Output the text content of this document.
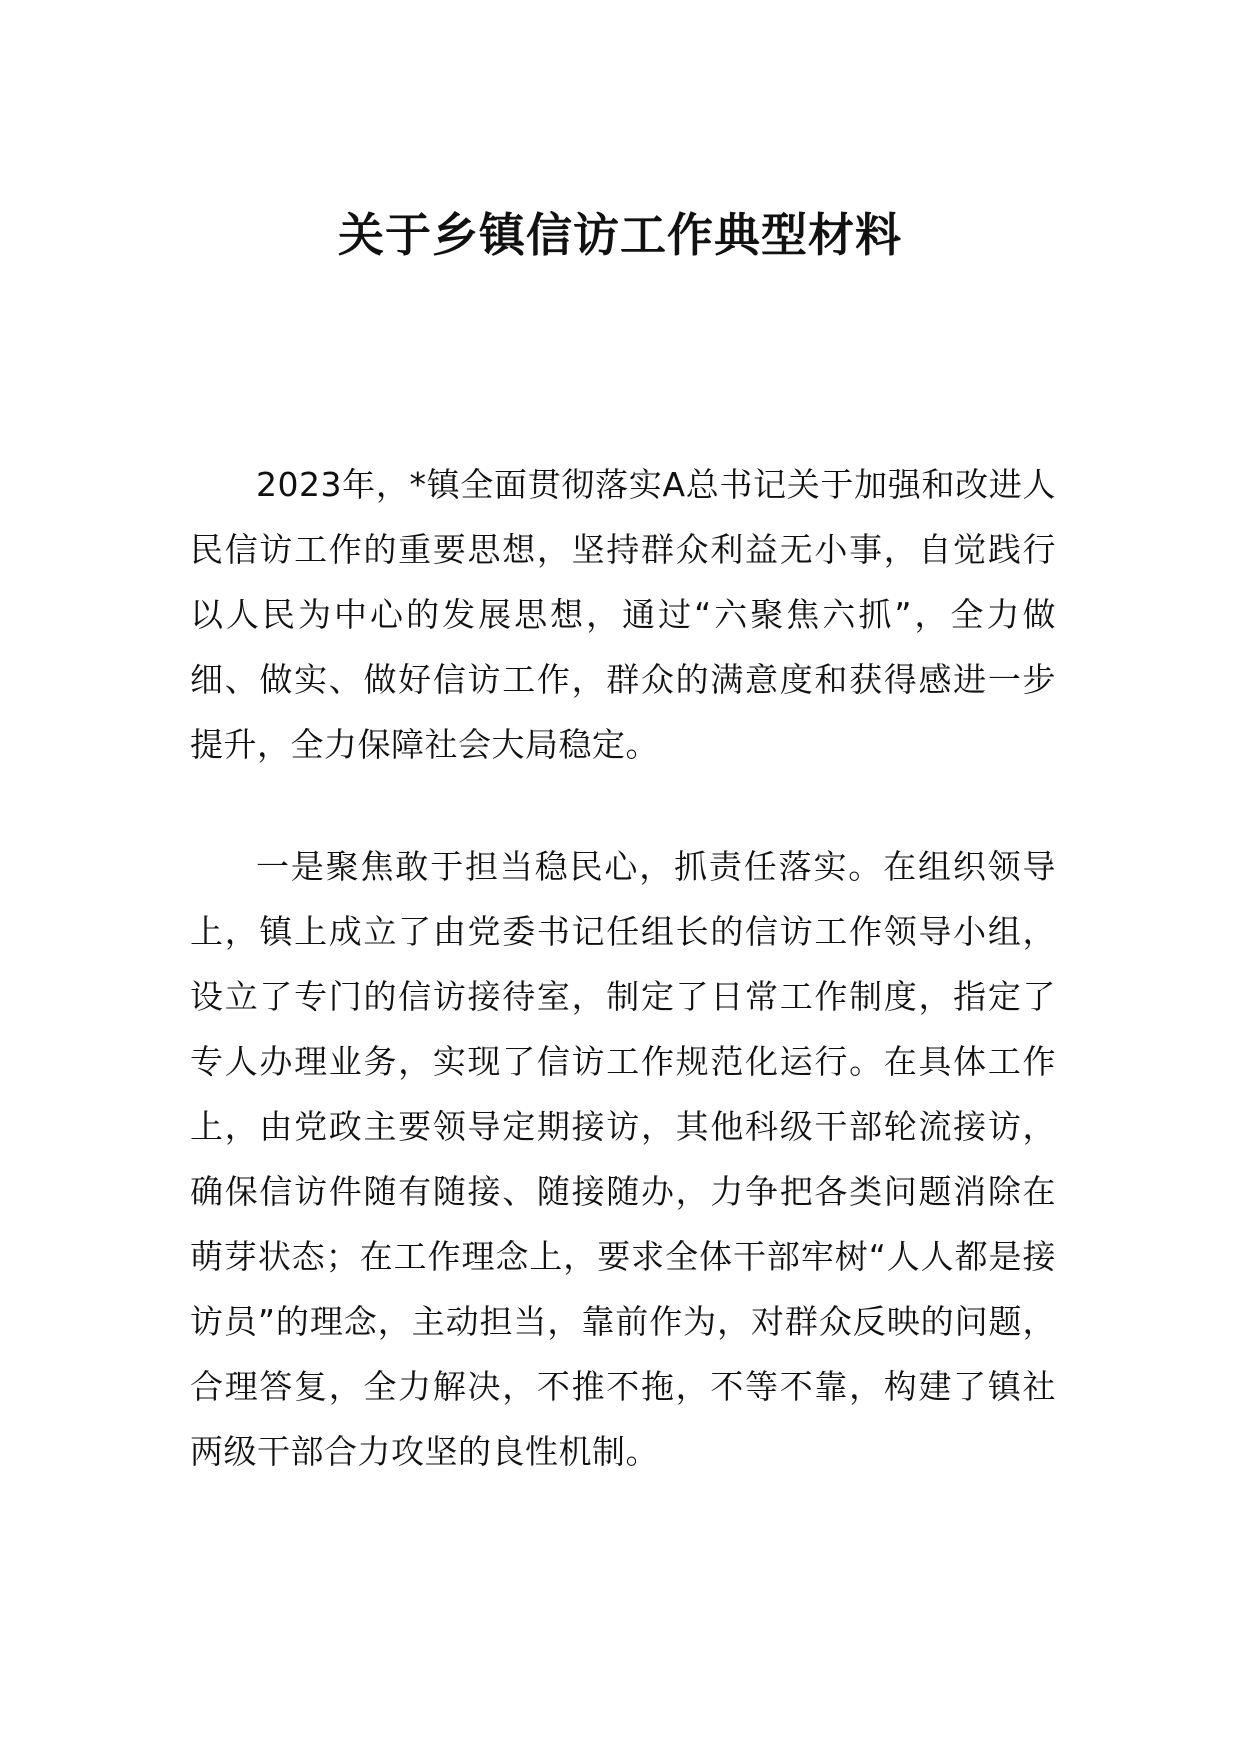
关于乡镇信访工作典型材料

2023年，*镇全面贯彻落实A总书记关于加强和改进人民信访工作的重要思想，坚持群众利益无小事，自觉践行以人民为中心的发展思想，通过“六聚焦六抓”，全力做细、做实、做好信访工作，群众的满意度和获得感进一步提升，全力保障社会大局稳定。

一是聚焦敢于担当稳民心，抓责任落实。在组织领导上，镇上成立了由党委书记任组长的信访工作领导小组，设立了专门的信访接待室，制定了日常工作制度，指定了专人办理业务，实现了信访工作规范化运行。在具体工作上，由党政主要领导定期接访，其他科级干部轮流接访，确保信访件随有随接、随接随办，力争把各类问题消除在萌芽状态；在工作理念上，要求全体干部牢树“人人都是接访员”的理念，主动担当，靠前作为，对群众反映的问题，合理答复，全力解决，不推不拖，不等不靠，构建了镇社两级干部合力攻坚的良性机制。
